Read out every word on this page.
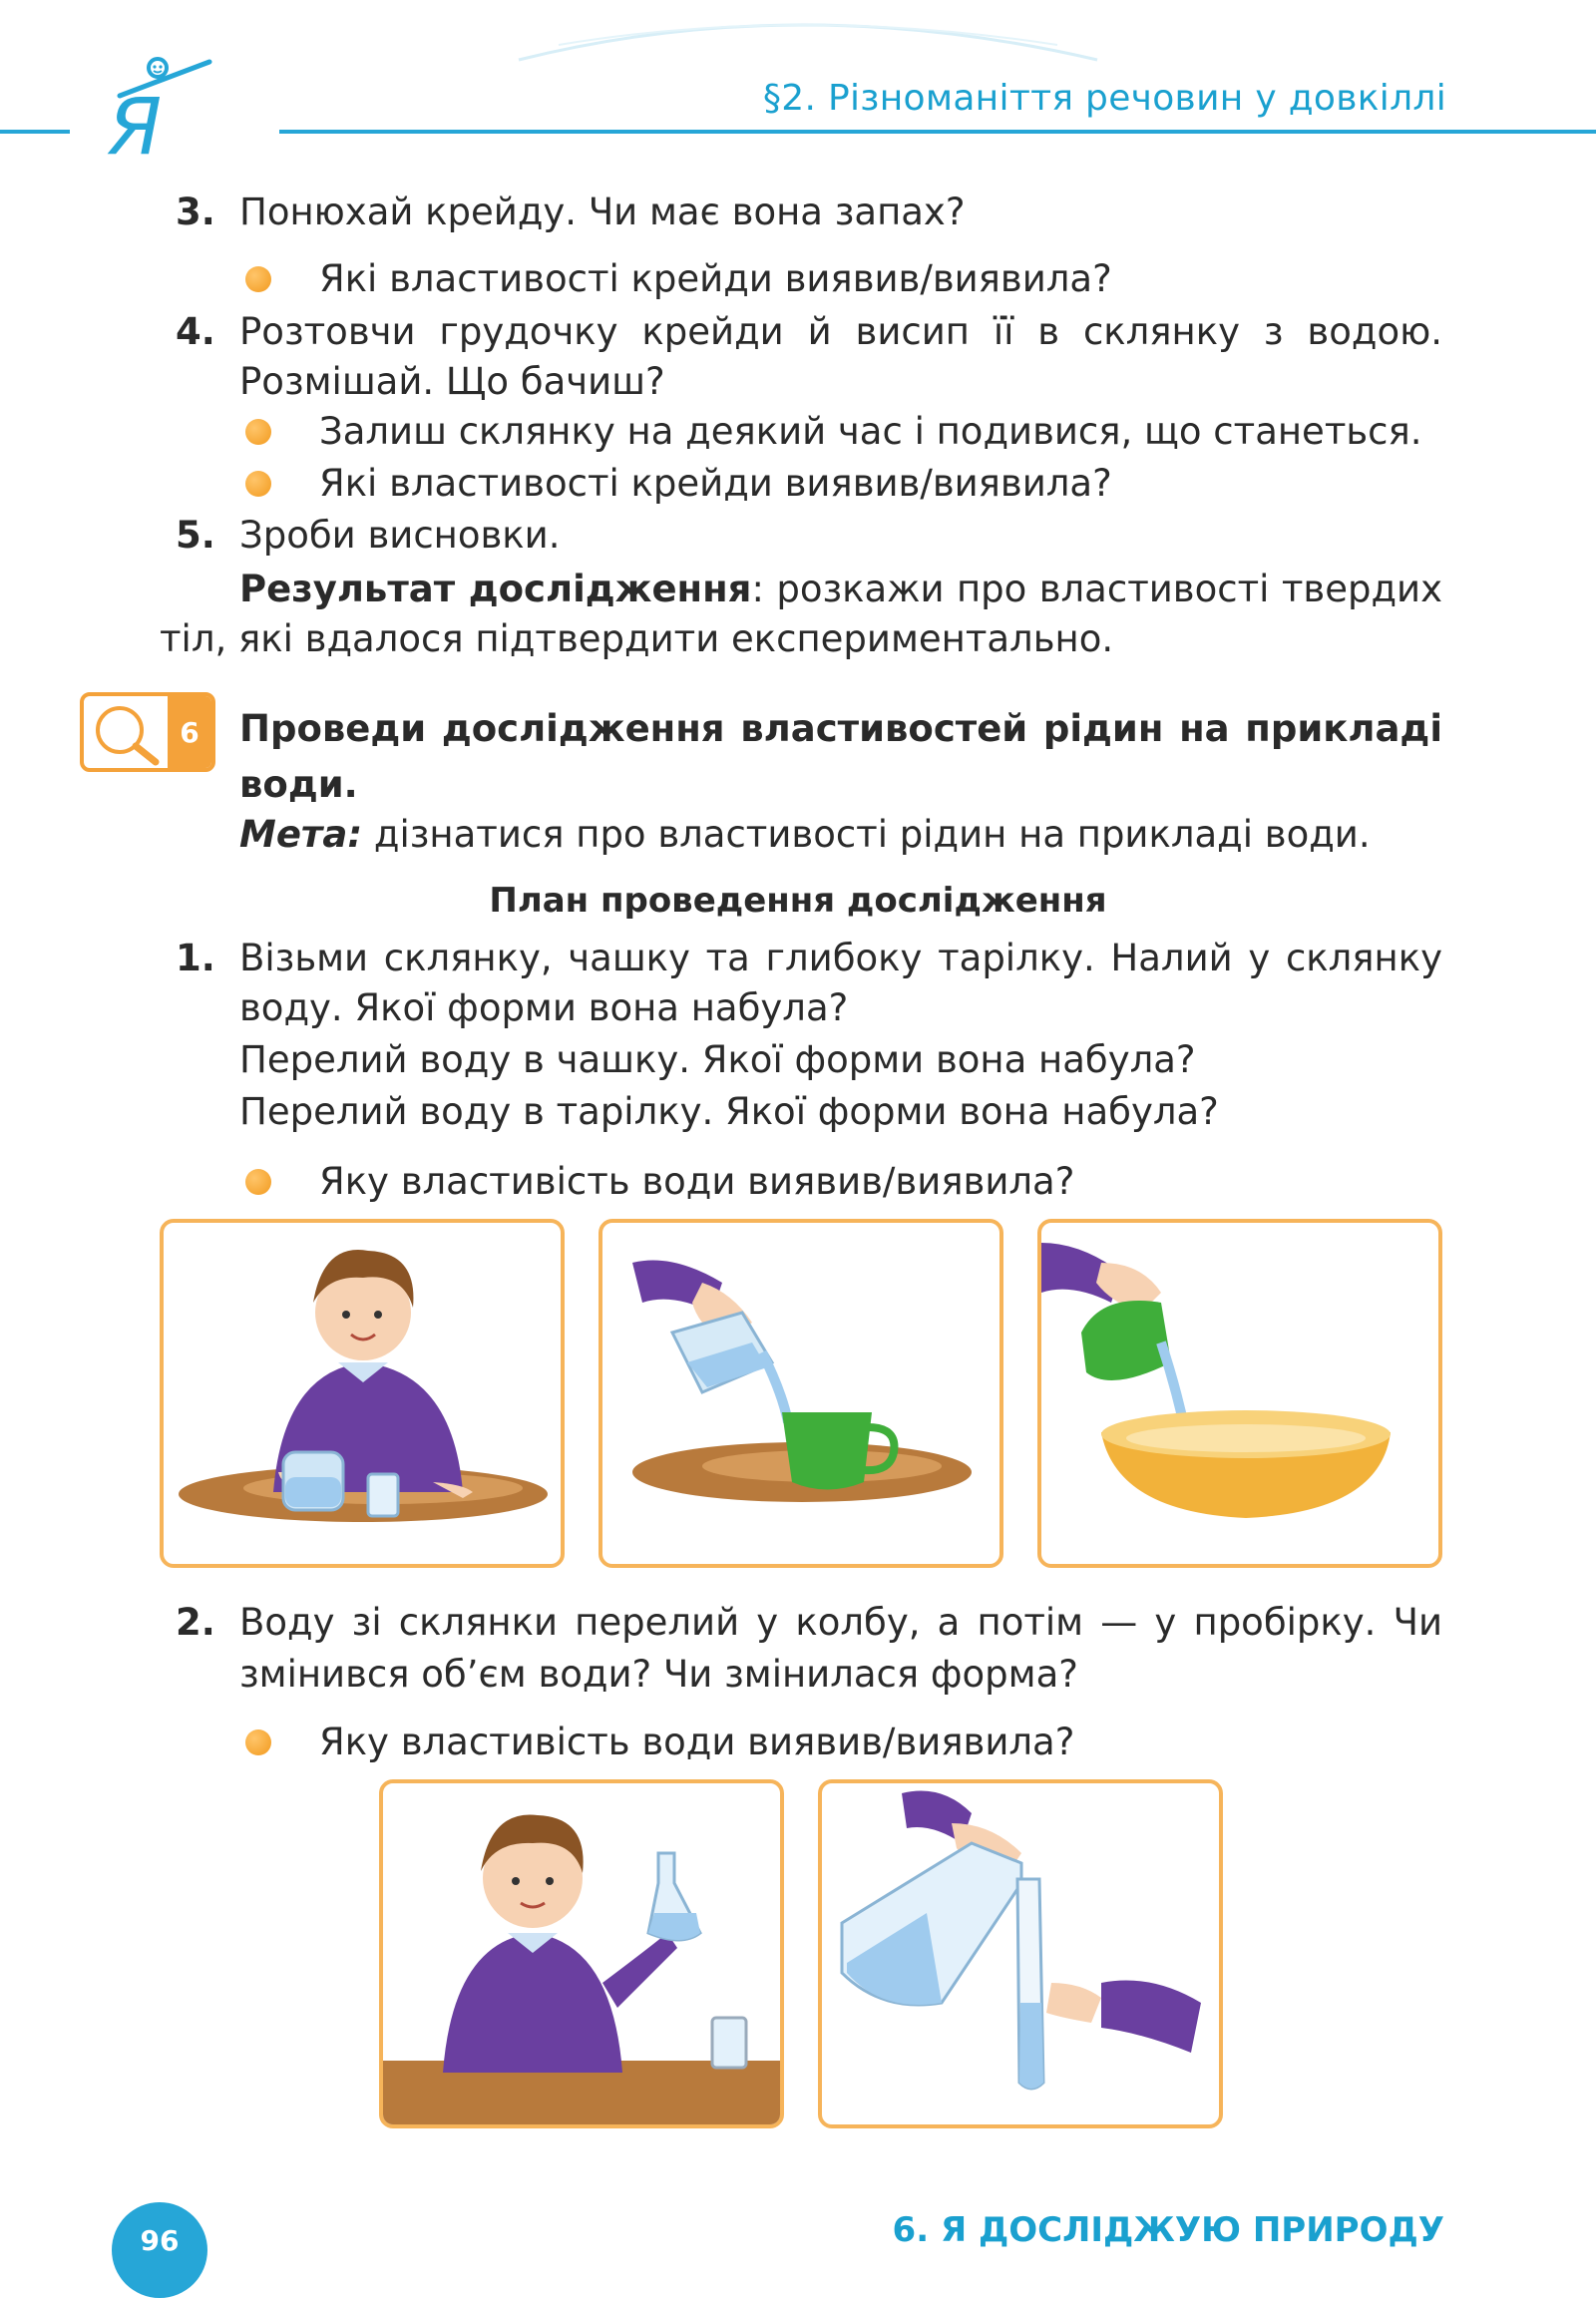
Я	§2. Різноманіття речовин у довкіллі
3. Понюхай крейду. Чи має вона запах?
Які властивості крейди виявив/виявила?
4. Розтовчи грудочку крейди й висип її в склянку з водою.
Розмішай. Що бачиш?
Залиш склянку на деякий час і подивися, що станеться.
Які властивості крейди виявив/виявила?
5. Зроби висновки.
Результат дослідження: розкажи про властивості твердих
тіл, які вдалося підтвердити експериментально.
6	Проведи дослідження властивостей рідин на прикладі
води.
Мета: дізнатися про властивості рідин на прикладі води.
План проведення дослідження
1. Візьми склянку, чашку та глибоку тарілку. Налий у склянку
воду. Якої форми вона набула?
Перелий воду в чашку. Якої форми вона набула?
Перелий воду в тарілку. Якої форми вона набула?
Яку властивість води виявив/виявила?
2. Воду зі склянки перелий у колбу, а потім — у пробірку. Чи
змінився об’єм води? Чи змінилася форма?
Яку властивість води виявив/виявила?
96	6. Я ДОСЛІДЖУЮ ПРИРОДУ
